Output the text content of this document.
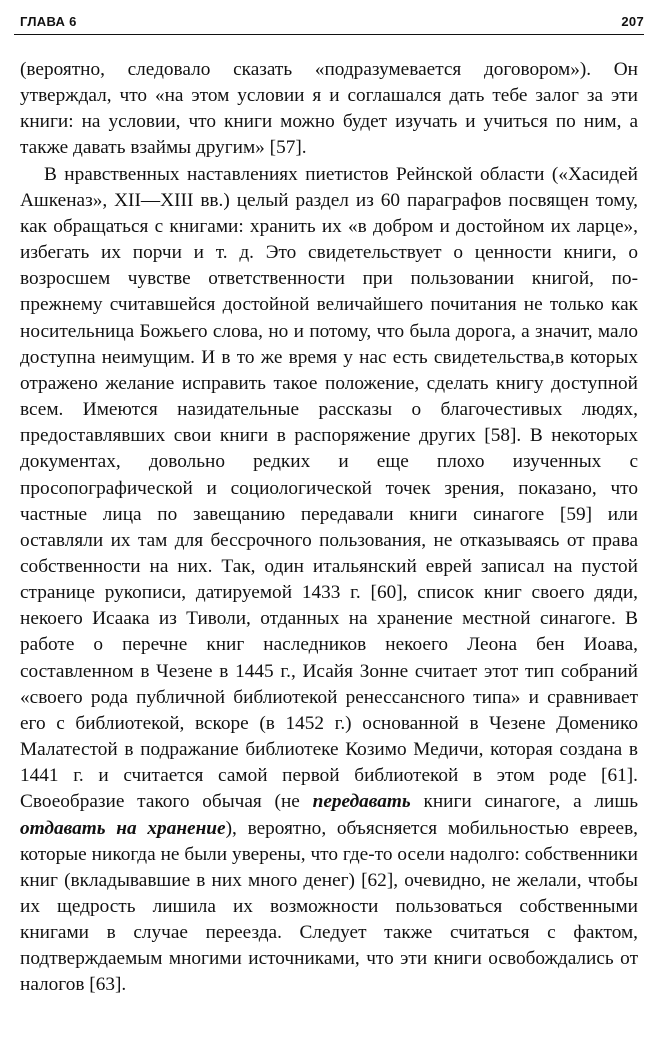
ГЛАВА 6	207

(вероятно, следовало сказать «подразумевается договором»). Он утверждал, что «на этом условии я и соглашался дать тебе залог за эти книги: на условии, что книги можно будет изучать и учиться по ним, а также давать взаймы другим» [57].

В нравственных наставлениях пиетистов Рейнской области («Хасидей Ашкеназ», XII—XIII вв.) целый раздел из 60 параграфов посвящен тому, как обращаться с книгами: хранить их «в добром и достойном их ларце», избегать их порчи и т. д. Это свидетельствует о ценности книги, о возросшем чувстве ответственности при пользовании книгой, по-прежнему считавшейся достойной величайшего почитания не только как носительница Божьего слова, но и потому, что была дорога, а значит, мало доступна неимущим. И в то же время у нас есть свидетельства,в которых отражено желание исправить такое положение, сделать книгу доступной всем. Имеются назидательные рассказы о благочестивых людях, предоставлявших свои книги в распоряжение других [58]. В некоторых документах, довольно редких и еще плохо изученных с просопографической и социологической точек зрения, показано, что частные лица по завещанию передавали книги синагоге [59] или оставляли их там для бессрочного пользования, не отказываясь от права собственности на них. Так, один итальянский еврей записал на пустой странице рукописи, датируемой 1433 г. [60], список книг своего дяди, некоего Исаака из Тиволи, отданных на хранение местной синагоге. В работе о перечне книг наследников некоего Леона бен Иоава, составленном в Чезене в 1445 г., Исайя Зонне считает этот тип собраний «своего рода публичной библиотекой ренессансного типа» и сравнивает его с библиотекой, вскоре (в 1452 г.) основанной в Чезене Доменико Малатестой в подражание библиотеке Козимо Медичи, которая создана в 1441 г. и считается самой первой библиотекой в этом роде [61]. Своеобразие такого обычая (не передавать книги синагоге, а лишь отдавать на хранение), вероятно, объясняется мобильностью евреев, которые никогда не были уверены, что где-то осели надолго: собственники книг (вкладывавшие в них много денег) [62], очевидно, не желали, чтобы их щедрость лишила их возможности пользоваться собственными книгами в случае переезда. Следует также считаться с фактом, подтверждаемым многими источниками, что эти книги освобождались от налогов [63].
